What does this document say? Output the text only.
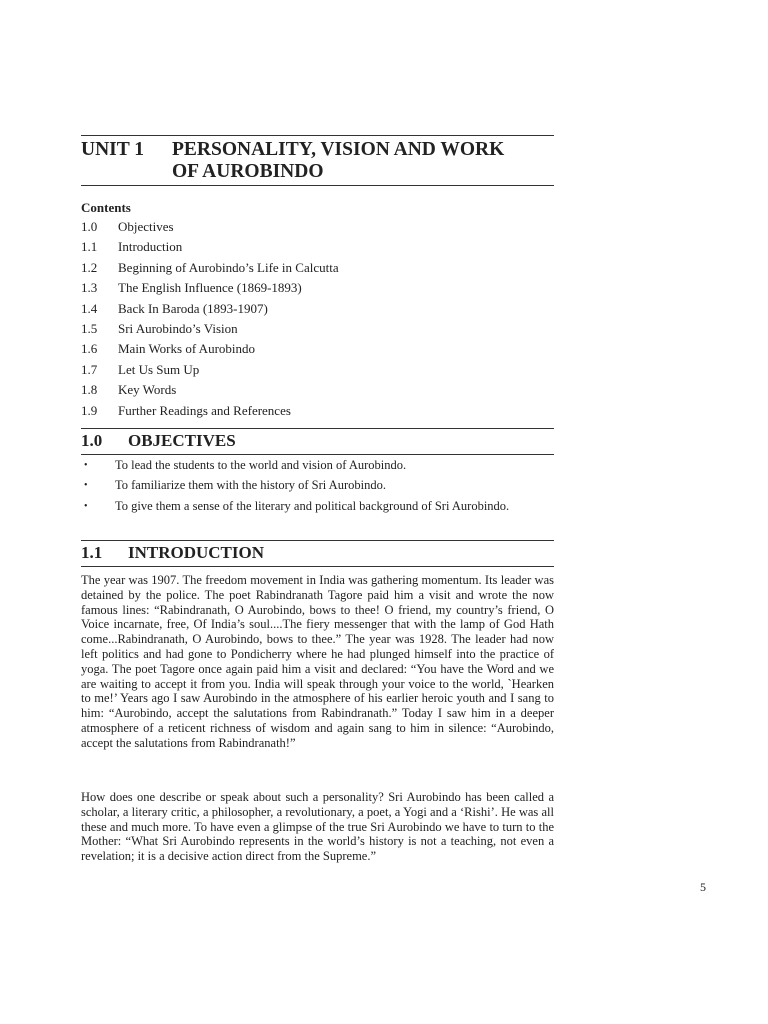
UNIT 1	PERSONALITY, VISION AND WORK
OF AUROBINDO
Contents
1.0	Objectives
1.1	Introduction
1.2	Beginning of Aurobindo’s Life in Calcutta
1.3	The English Influence (1869-1893)
1.4	Back In Baroda (1893-1907)
1.5	Sri Aurobindo’s Vision
1.6	Main Works of Aurobindo
1.7	Let Us Sum Up
1.8	Key Words
1.9	Further Readings and References
1.0	OBJECTIVES
•	To lead the students to the world and vision of Aurobindo.
•	To familiarize them with the history of Sri Aurobindo.
•	To give them a sense of the literary and political background of Sri Aurobindo.
1.1	INTRODUCTION

The year was 1907. The freedom movement in India was gathering momentum. Its leader was detained by the police. The poet Rabindranath Tagore paid him a visit and wrote the now famous lines: “Rabindranath, O Aurobindo, bows to thee! O friend, my country’s friend, O Voice incarnate, free, Of India’s soul....The fiery messenger that with the lamp of God Hath come...Rabindranath, O Aurobindo, bows to thee.” The year was 1928. The leader had now left politics and had gone to Pondicherry where he had plunged himself into the practice of yoga. The poet Tagore once again paid him a visit and declared: “You have the Word and we are waiting to accept it from you. India will speak through your voice to the world, `Hearken to me!’ Years ago I saw Aurobindo in the atmosphere of his earlier heroic youth and I sang to him: “Aurobindo, accept the salutations from Rabindranath.” Today I saw him in a deeper atmosphere of a reticent richness of wisdom and again sang to him in silence: “Aurobindo, accept the salutations from Rabindranath!”

How does one describe or speak about such a personality? Sri Aurobindo has been called a scholar, a literary critic, a philosopher, a revolutionary, a poet, a Yogi and a ‘Rishi’. He was all these and much more. To have even a glimpse of the true Sri Aurobindo we have to turn to the Mother: “What Sri Aurobindo represents in the world’s history is not a teaching, not even a revelation; it is a decisive action direct from the Supreme.”

5
